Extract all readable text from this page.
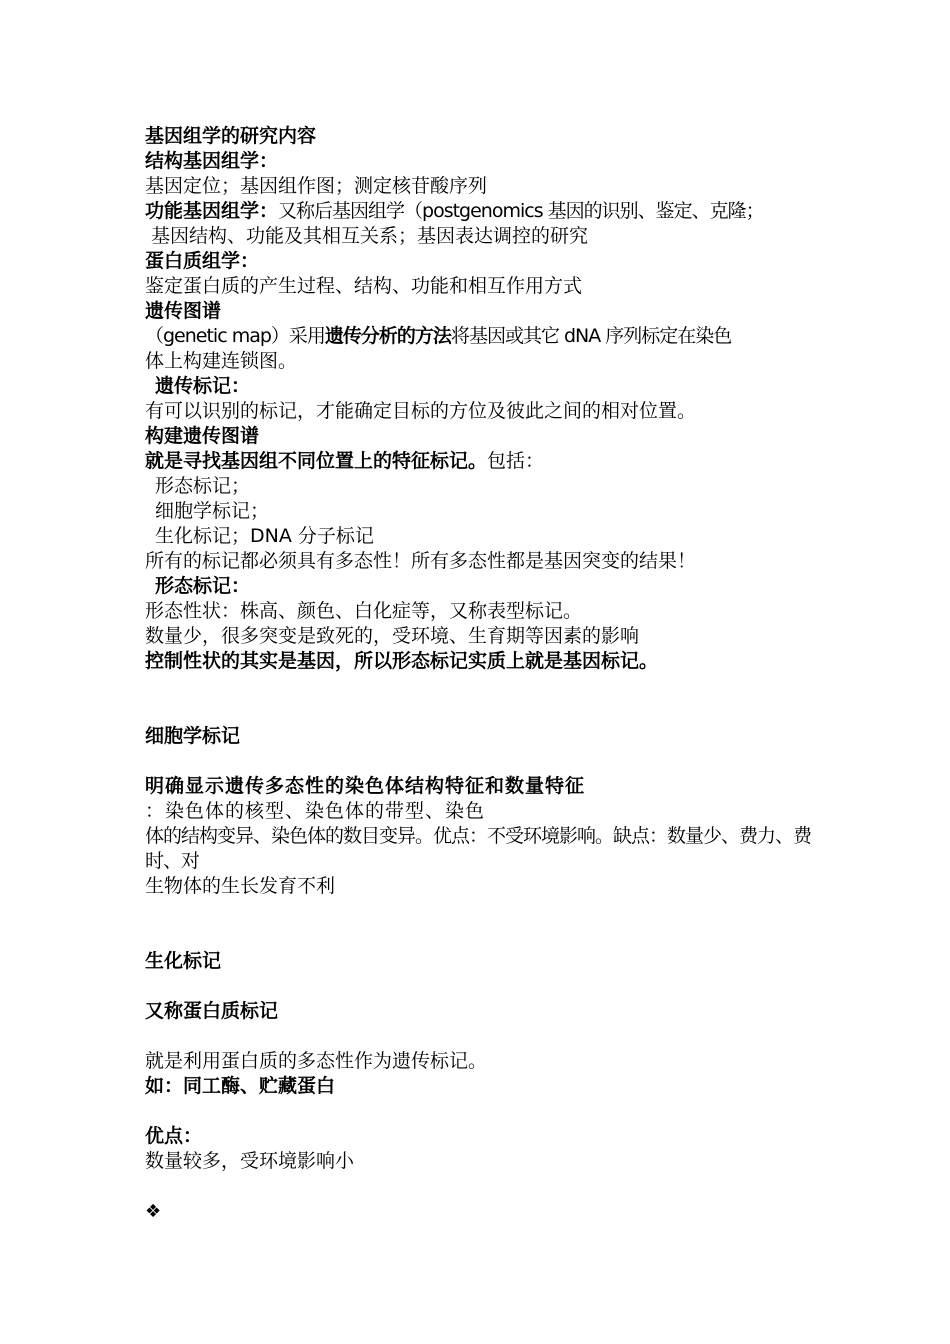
基因组学的研究内容
结构基因组学：
基因定位；基因组作图；测定核苷酸序列
功能基因组学：又称后基因组学（postgenomics 基因的识别、鉴定、克隆；
基因结构、功能及其相互关系；基因表达调控的研究
蛋白质组学：
鉴定蛋白质的产生过程、结构、功能和相互作用方式
遗传图谱
（genetic map）采用遗传分析的方法将基因或其它 dNA 序列标定在染色
体上构建连锁图。
遗传标记：
有可以识别的标记，才能确定目标的方位及彼此之间的相对位置。
构建遗传图谱
就是寻找基因组不同位置上的特征标记。包括：
形态标记；
细胞学标记；
生化标记；DNA 分子标记
所有的标记都必须具有多态性！所有多态性都是基因突变的结果！
形态标记：
形态性状：株高、颜色、白化症等，又称表型标记。
数量少，很多突变是致死的，受环境、生育期等因素的影响
控制性状的其实是基因，所以形态标记实质上就是基因标记。
细胞学标记
明确显示遗传多态性的染色体结构特征和数量特征
：染色体的核型、染色体的带型、染色
体的结构变异、染色体的数目变异。优点：不受环境影响。缺点：数量少、费力、费时、对
生物体的生长发育不利
生化标记
又称蛋白质标记
就是利用蛋白质的多态性作为遗传标记。
如：同工酶、贮藏蛋白
优点：
数量较多，受环境影响小
❖
